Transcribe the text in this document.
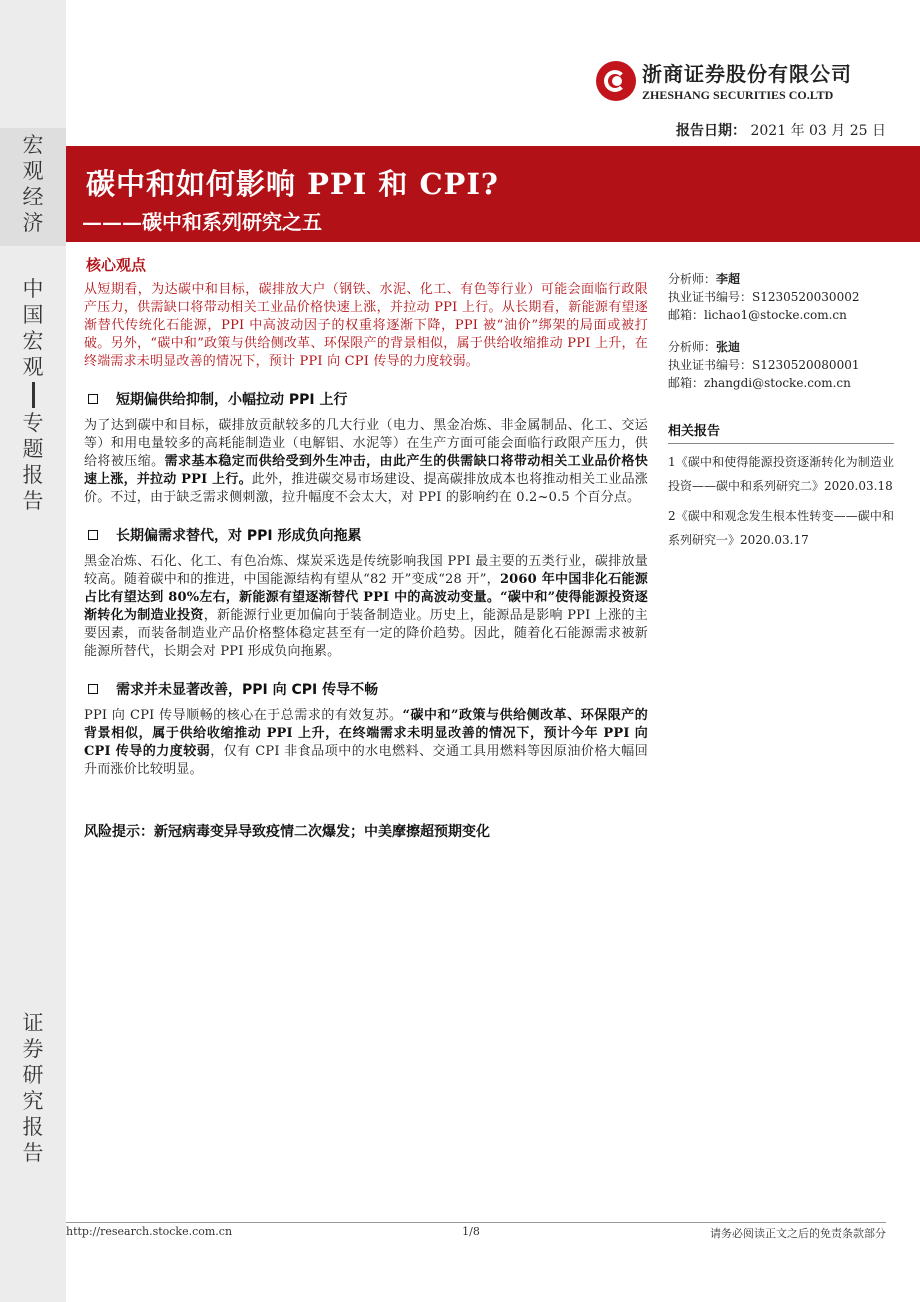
宏
观
经
济
中
国
宏
观
专
题
报
告
证
券
研
究
报
告
浙商证券股份有限公司
ZHESHANG SECURITIES CO.LTD
报告日期： 2021 年 03 月 25 日
碳中和如何影响 PPI 和 CPI?
———碳中和系列研究之五
核心观点

从短期看，为达碳中和目标，碳排放大户（钢铁、水泥、化工、有色等行业）可能会面临行政限产压力，供需缺口将带动相关工业品价格快速上涨，并拉动 PPI 上行。从长期看，新能源有望逐渐替代传统化石能源，PPI 中高波动因子的权重将逐渐下降，PPI 被“油价”绑架的局面或被打破。另外，“碳中和”政策与供给侧改革、环保限产的背景相似，属于供给收缩推动 PPI 上升，在终端需求未明显改善的情况下，预计 PPI 向 CPI 传导的力度较弱。

短期偏供给抑制，小幅拉动 PPI 上行

为了达到碳中和目标，碳排放贡献较多的几大行业（电力、黑金冶炼、非金属制品、化工、交运等）和用电量较多的高耗能制造业（电解铝、水泥等）在生产方面可能会面临行政限产压力，供给将被压缩。需求基本稳定而供给受到外生冲击，由此产生的供需缺口将带动相关工业品价格快速上涨，并拉动 PPI 上行。此外，推进碳交易市场建设、提高碳排放成本也将推动相关工业品涨价。不过，由于缺乏需求侧刺激，拉升幅度不会太大，对 PPI 的影响约在 0.2~0.5 个百分点。

长期偏需求替代，对 PPI 形成负向拖累

黑金冶炼、石化、化工、有色冶炼、煤炭采选是传统影响我国 PPI 最主要的五类行业，碳排放量较高。随着碳中和的推进，中国能源结构有望从“82 开”变成“28 开”，2060 年中国非化石能源占比有望达到 80%左右，新能源有望逐渐替代 PPI 中的高波动变量。“碳中和”使得能源投资逐渐转化为制造业投资，新能源行业更加偏向于装备制造业。历史上，能源品是影响 PPI 上涨的主要因素，而装备制造业产品价格整体稳定甚至有一定的降价趋势。因此，随着化石能源需求被新能源所替代，长期会对 PPI 形成负向拖累。

需求并未显著改善，PPI 向 CPI 传导不畅

PPI 向 CPI 传导顺畅的核心在于总需求的有效复苏。“碳中和”政策与供给侧改革、环保限产的背景相似，属于供给收缩推动 PPI 上升，在终端需求未明显改善的情况下，预计今年 PPI 向 CPI 传导的力度较弱，仅有 CPI 非食品项中的水电燃料、交通工具用燃料等因原油价格大幅回升而涨价比较明显。

风险提示：新冠病毒变异导致疫情二次爆发；中美摩擦超预期变化
分析师：李超
执业证书编号：S1230520030002
邮箱：lichao1@stocke.com.cn
分析师：张迪
执业证书编号：S1230520080001
邮箱：zhangdi@stocke.com.cn
相关报告
1《碳中和使得能源投资逐渐转化为制造业投资——碳中和系列研究二》2020.03.18
2《碳中和观念发生根本性转变——碳中和系列研究一》2020.03.17
http://research.stocke.com.cn	1/8	请务必阅读正文之后的免责条款部分
